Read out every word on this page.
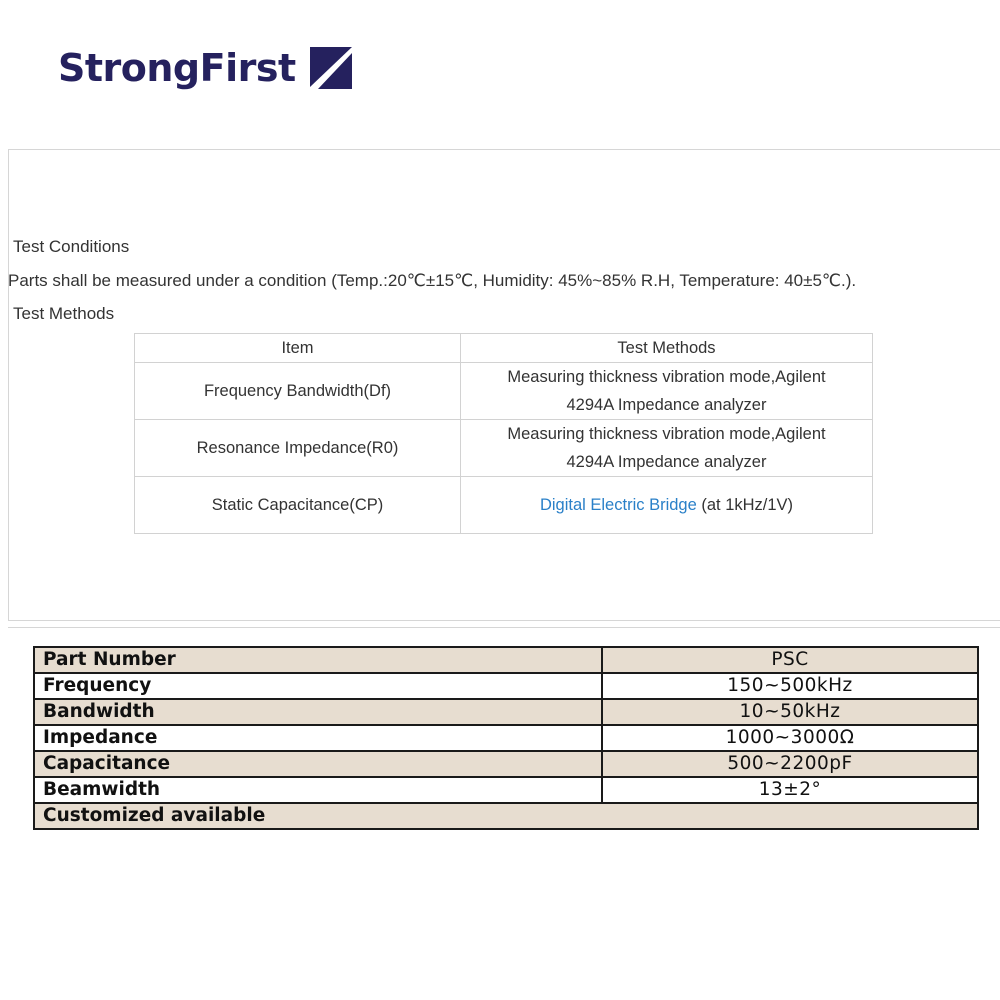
StrongFirst
Test Conditions
Parts shall be measured under a condition (Temp.:20℃±15℃, Humidity: 45%~85% R.H, Temperature: 40±5℃.).
Test Methods
Item	Test Methods
Frequency Bandwidth(Df)	Measuring thickness vibration mode,Agilent
4294A Impedance analyzer
Resonance Impedance(R0)	Measuring thickness vibration mode,Agilent
4294A Impedance analyzer
Static Capacitance(CP)	Digital Electric Bridge (at 1kHz/1V)
Part Number	PSC
Frequency	150~500kHz
Bandwidth	10~50kHz
Impedance	1000~3000Ω
Capacitance	500~2200pF
Beamwidth	13±2°
Customized available	
